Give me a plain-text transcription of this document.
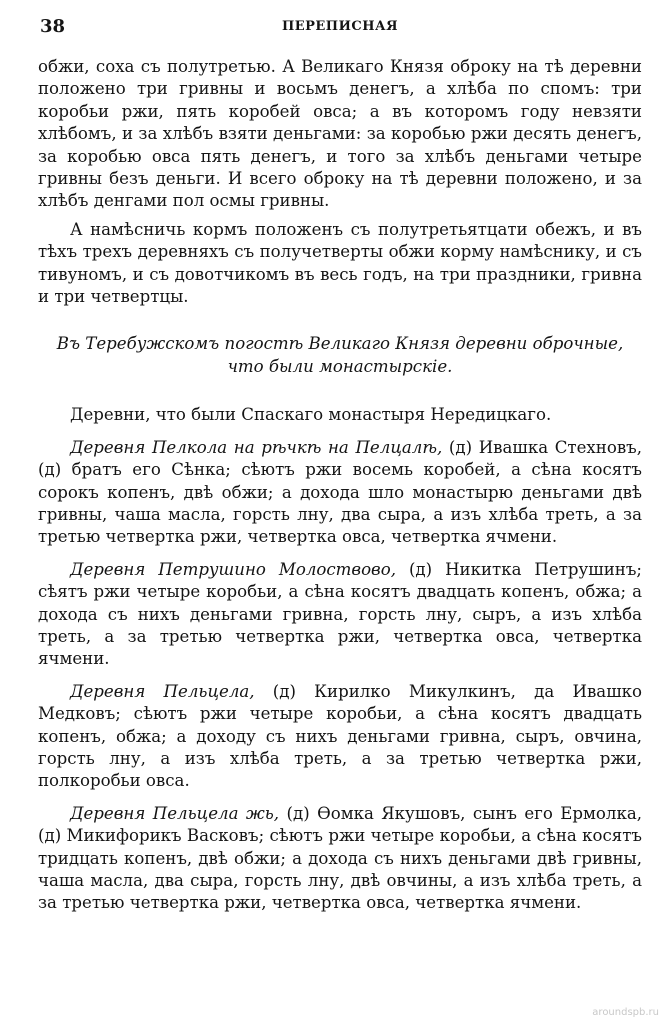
38	ПЕРЕПИСНАЯ

обжи, соха съ полутретью. А Великаго Князя оброку на тѣ деревни положено три гривны и восьмъ денегъ, а хлѣба по спомъ: три коробьи ржи, пять коробей овса; а въ которомъ году невзяти хлѣбомъ, и за хлѣбъ взяти деньгами: за коробью ржи десять денегъ, за коробью овса пять денегъ, и того за хлѣбъ деньгами четыре гривны безъ деньги. И всего оброку на тѣ деревни положено, и за хлѣбъ денгами пол осмы гривны.

А намѣсничь кормъ положенъ съ полутретьятцати обежъ, и въ тѣхъ трехъ деревняхъ съ получетверты обжи корму намѣснику, и съ тивуномъ, и съ довотчикомъ въ весь годъ, на три праздники, гривна и три четвертцы.

Въ Теребужскомъ погостѣ Великаго Князя деревни оброчные,
что были монастырскіе.

Деревни, что были Спаскаго монастыря Нередицкаго.

Деревня Пелкола на рѣчкѣ на Пелцалѣ, (д) Ивашка Стехновъ, (д) братъ его Сѣнка; сѣютъ ржи восемь коробей, а сѣна косятъ сорокъ копенъ, двѣ обжи; а дохода шло монастырю деньгами двѣ гривны, чаша масла, горсть лну, два сыра, а изъ хлѣба треть, а за третью четвертка ржи, четвертка овса, четвертка ячмени.

Деревня Петрушино Молоствово, (д) Никитка Петрушинъ; сѣятъ ржи четыре коробьи, а сѣна косятъ двадцать копенъ, обжа; а дохода съ нихъ деньгами гривна, горсть лну, сыръ, а изъ хлѣба треть, а за третью четвертка ржи, четвертка овса, четвертка ячмени.

Деревня Пельцела, (д) Кирилко Микулкинъ, да Ивашко Медковъ; сѣютъ ржи четыре коробьи, а сѣна косятъ двадцать копенъ, обжа; а доходу съ нихъ деньгами гривна, сыръ, овчина, горсть лну, а изъ хлѣба треть, а за третью четвертка ржи, полкоробьи овса.

Деревня Пельцела жь, (д) Ѳомка Якушовъ, сынъ его Ермолка, (д) Микифорикъ Васковъ; сѣютъ ржи четыре коробьи, а сѣна косятъ тридцать копенъ, двѣ обжи; а дохода съ нихъ деньгами двѣ гривны, чаша масла, два сыра, горсть лну, двѣ овчины, а изъ хлѣба треть, а за третью четвертка ржи, четвертка овса, четвертка ячмени.

aroundspb.ru
